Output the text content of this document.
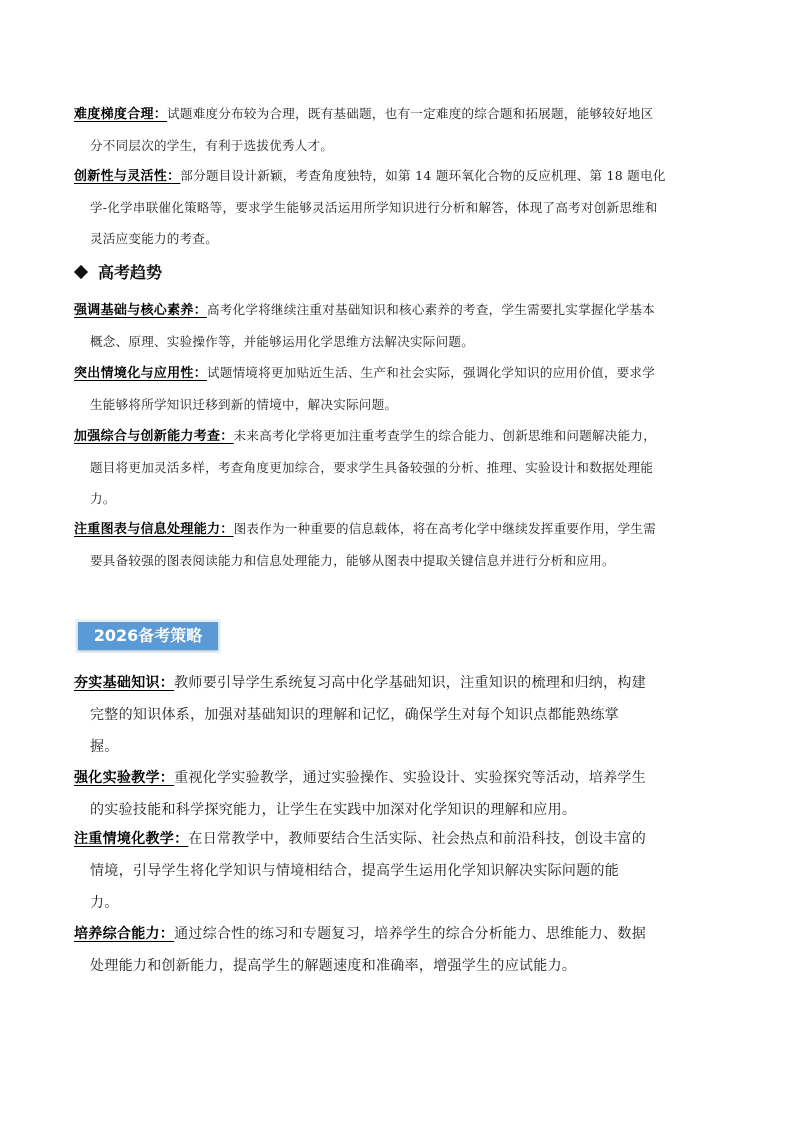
难度梯度合理：试题难度分布较为合理，既有基础题，也有一定难度的综合题和拓展题，能够较好地区
分不同层次的学生，有利于选拔优秀人才。
创新性与灵活性：部分题目设计新颖，考查角度独特，如第 14 题环氧化合物的反应机理、第 18 题电化
学-化学串联催化策略等，要求学生能够灵活运用所学知识进行分析和解答，体现了高考对创新思维和
灵活应变能力的考查。
高考趋势
强调基础与核心素养：高考化学将继续注重对基础知识和核心素养的考查，学生需要扎实掌握化学基本
概念、原理、实验操作等，并能够运用化学思维方法解决实际问题。
突出情境化与应用性：试题情境将更加贴近生活、生产和社会实际，强调化学知识的应用价值，要求学
生能够将所学知识迁移到新的情境中，解决实际问题。
加强综合与创新能力考查：未来高考化学将更加注重考查学生的综合能力、创新思维和问题解决能力，
题目将更加灵活多样，考查角度更加综合，要求学生具备较强的分析、推理、实验设计和数据处理能
力。
注重图表与信息处理能力：图表作为一种重要的信息载体，将在高考化学中继续发挥重要作用，学生需
要具备较强的图表阅读能力和信息处理能力，能够从图表中提取关键信息并进行分析和应用。
2026备考策略
夯实基础知识：教师要引导学生系统复习高中化学基础知识，注重知识的梳理和归纳，构建
完整的知识体系，加强对基础知识的理解和记忆，确保学生对每个知识点都能熟练掌
握。
强化实验教学：重视化学实验教学，通过实验操作、实验设计、实验探究等活动，培养学生
的实验技能和科学探究能力，让学生在实践中加深对化学知识的理解和应用。
注重情境化教学：在日常教学中，教师要结合生活实际、社会热点和前沿科技，创设丰富的
情境，引导学生将化学知识与情境相结合，提高学生运用化学知识解决实际问题的能
力。
培养综合能力：通过综合性的练习和专题复习，培养学生的综合分析能力、思维能力、数据
处理能力和创新能力，提高学生的解题速度和准确率，增强学生的应试能力。
